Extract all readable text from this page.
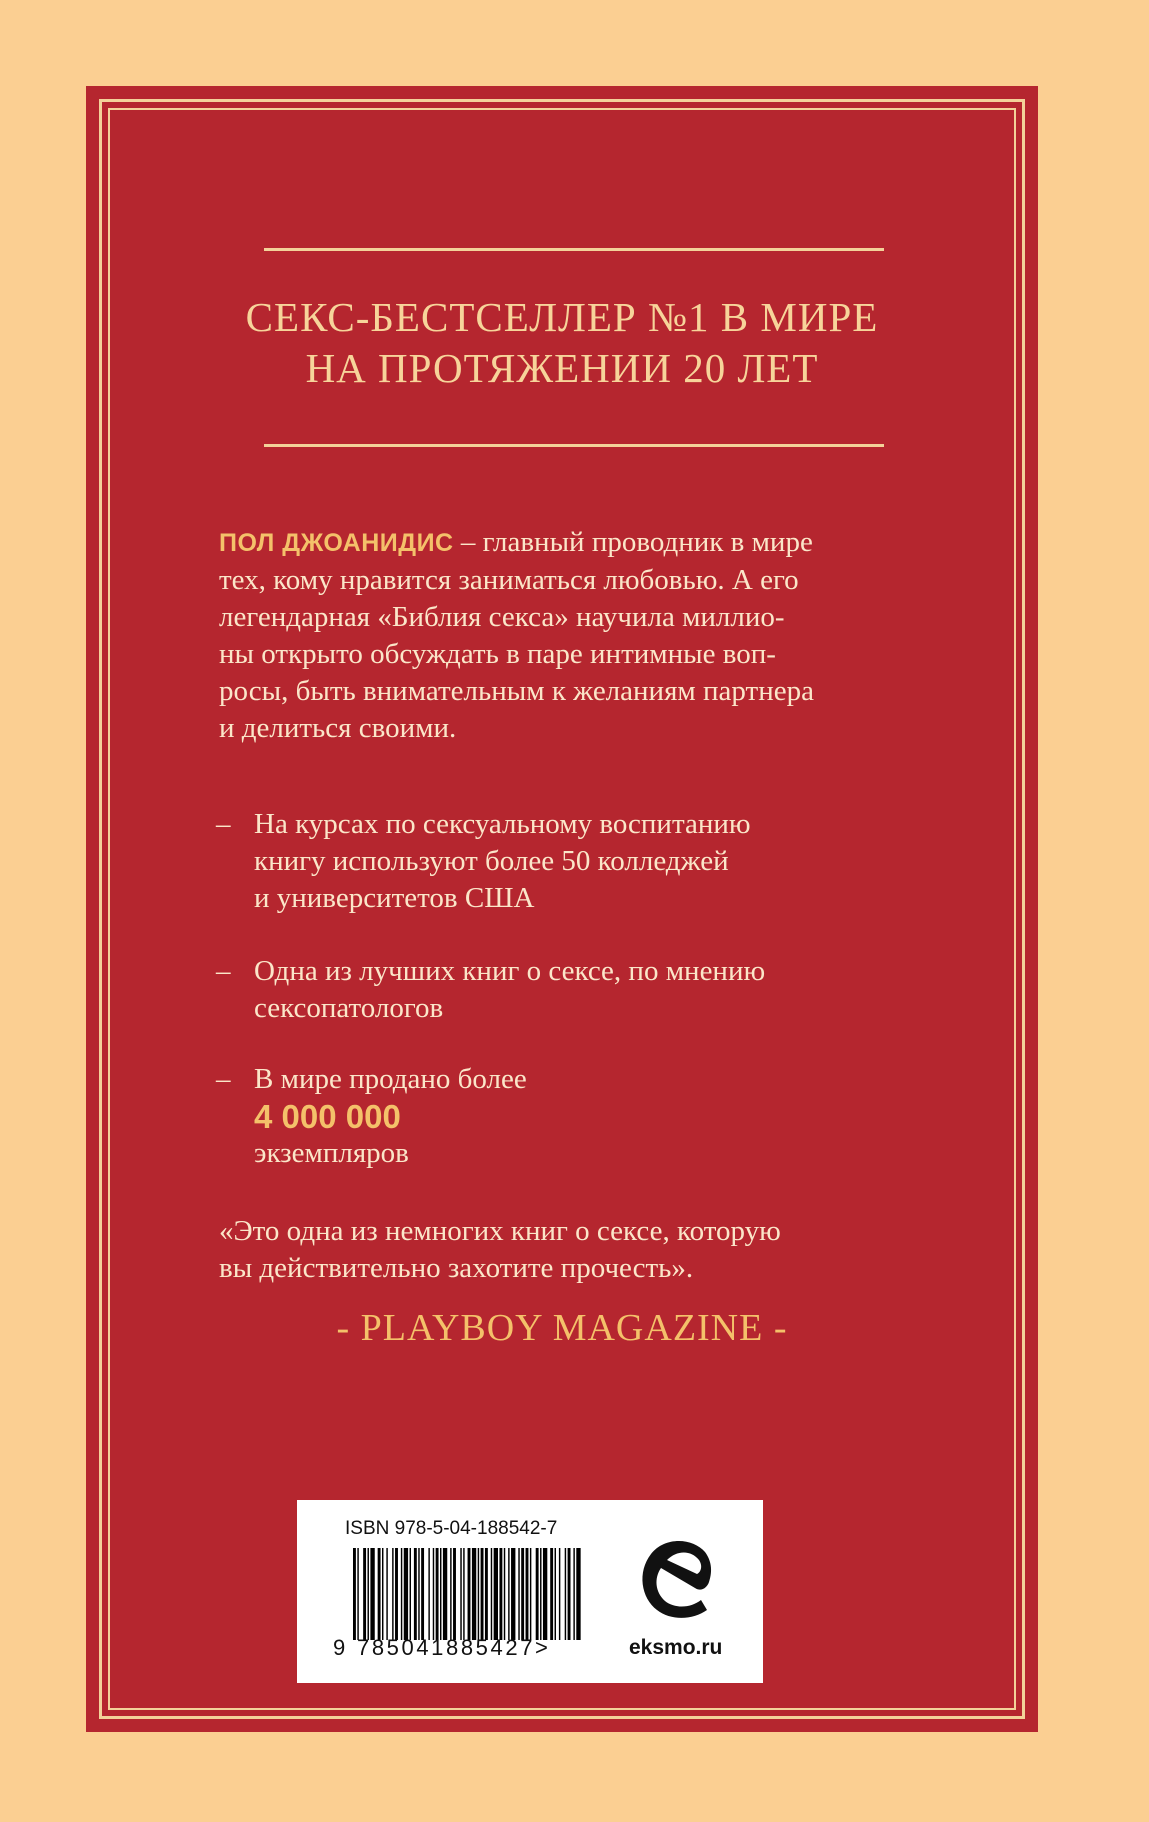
СЕКС-БЕСТСЕЛЛЕР №1 В МИРЕ
НА ПРОТЯЖЕНИИ 20 ЛЕТ
ПОЛ ДЖОАНИДИС – главный проводник в мире
тех, кому нравится заниматься любовью. А его
легендарная «Библия секса» научила миллио-
ны открыто обсуждать в паре интимные воп-
росы, быть внимательным к желаниям партнера
и делиться своими.
– На курсах по сексуальному воспитанию
книгу используют более 50 колледжей
и университетов США
– Одна из лучших книг о сексе, по мнению
сексопатологов
– В мире продано более
4 000 000
экземпляров
«Это одна из немногих книг о сексе, которую
вы действительно захотите прочесть».
- PLAYBOY MAGAZINE -
ISBN 978-5-04-188542-7
9 785041885427>	eksmo.ru
